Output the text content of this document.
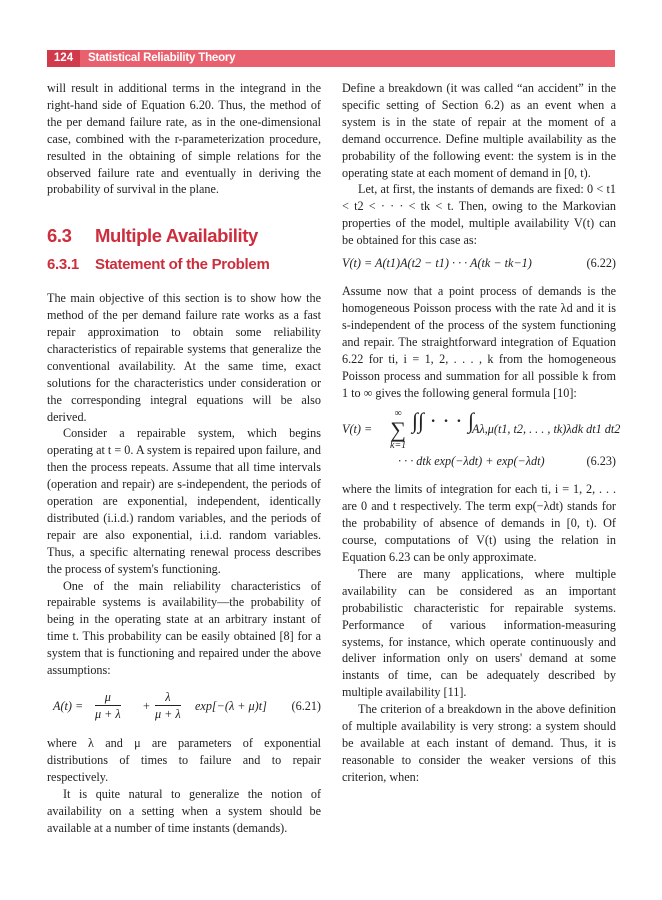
124	Statistical Reliability Theory

will result in additional terms in the integrand in the right-hand side of Equation 6.20. Thus, the method of the per demand failure rate, as in the one-dimensional case, combined with the r-parameterization procedure, resulted in the obtaining of simple relations for the observed failure rate and eventually in deriving the probability of survival in the plane.

6.3 Multiple Availability
6.3.1 Statement of the Problem

The main objective of this section is to show how the method of the per demand failure rate works as a fast repair approximation to obtain some reliability characteristics of repairable systems that generalize the conventional availability. At the same time, exact solutions for the characteristics under consideration or the corresponding integral equations will be also derived.

Consider a repairable system, which begins operating at t = 0. A system is repaired upon failure, and then the process repeats. Assume that all time intervals (operation and repair) are s-independent, the periods of operation are exponential, independent, identically distributed (i.i.d.) random variables, and the periods of repair are also exponential, i.i.d. random variables. Thus, a specific alternating renewal process describes the process of system's functioning.

One of the main reliability characteristics of repairable systems is availability—the probability of being in the operating state at an arbitrary instant of time t. This probability can be easily obtained [8] for a system that is functioning and repaired under the above assumptions:

$A(t) = \frac{\mu}{\mu + \lambda} + \frac{\lambda}{\mu + \lambda} \exp[-(\lambda + \mu)t]$ (6.21)

where λ and μ are parameters of exponential distributions of times to failure and to repair respectively.

It is quite natural to generalize the notion of availability on a setting when a system should be available at a number of time instants (demands).

Define a breakdown (it was called “an accident” in the specific setting of Section 6.2) as an event when a system is in the state of repair at the moment of a demand occurrence. Define multiple availability as the probability of the following event: the system is in the operating state at each moment of demand in [0, t).

Let, at first, the instants of demands are fixed: 0 < t1 < t2 < · · · < tk < t. Then, owing to the Markovian properties of the model, multiple availability V(t) can be obtained for this case as:

V(t) = A(t1)A(t2 − t1) · · · A(tk − tk−1)	(6.22)

Assume now that a point process of demands is the homogeneous Poisson process with the rate λd and it is s-independent of the process of the system functioning and repair. The straightforward integration of Equation 6.22 for ti, i = 1, 2, . . . , k from the homogeneous Poisson process and summation for all possible k from 1 to ∞ gives the following general formula [10]:

V(t) =
∞
∑
k=1
∫∫ · · · ∫
Aλ,μ(t1, t2, . . . , tk)λdk dt1 dt2
· · · dtk exp(−λdt) + exp(−λdt)	(6.23)

where the limits of integration for each ti, i = 1, 2, . . . are 0 and t respectively. The term exp(−λdt) stands for the probability of absence of demands in [0, t). Of course, computations of V(t) using the relation in Equation 6.23 can be only approximate.

There are many applications, where multiple availability can be considered as an important probabilistic characteristic for repairable systems. Performance of various information-measuring systems, for instance, which operate continuously and deliver information only on users' demand at some instants of time, can be adequately described by multiple availability [11].

The criterion of a breakdown in the above definition of multiple availability is very strong: a system should be available at each instant of demand. Thus, it is reasonable to consider the weaker versions of this criterion, when:
